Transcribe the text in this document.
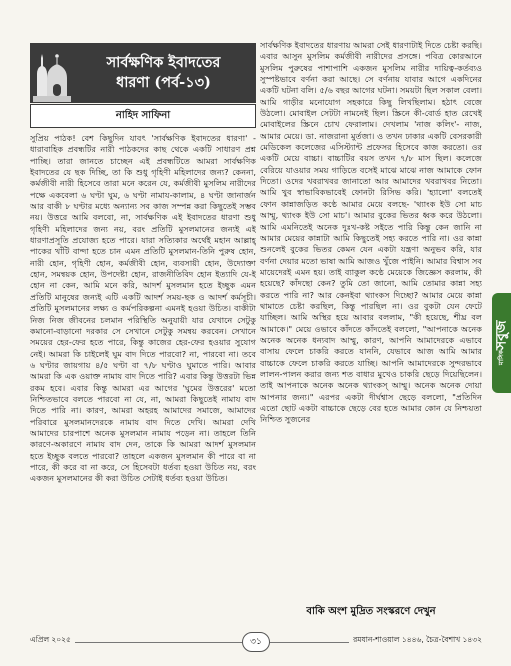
সার্বক্ষণিক ইবাদতের
ধারণা (পর্ব-১৩)
নাহিদ সাফিনা

সুপ্রিয় পাঠক! বেশ কিছুদিন যাবৎ 'সার্বক্ষণিক ইবাদতের ধারণা' - ধারাবাহিক প্রবন্ধটির নারী পাঠকদের কাছ থেকে একটি সাধারণ প্রশ্ন পাচ্ছি। তারা জানতে চাচ্ছেন এই প্রবন্ধটিতে আমরা সার্বক্ষণিক ইবাদতের যে ছক দিচ্ছি, তা কি শুধু গৃহিণী মহিলাদের জন্য? কেননা, কর্মজীবী নারী হিসেবে তারা মনে করেন যে, কর্মজীবী মুসলিম নারীদের পক্ষে একবেলা ৬ ঘণ্টা ঘুম, ৬ ঘণ্টা নামায-কালাম, ৪ ঘণ্টা জানার্জন আর বাকী ৮ ঘণ্টার মধ্যে অন্যান্য সব কাজ সম্পন্ন করা কিছুতেই সম্ভব নয়। উত্তরে আমি বলবো, না, সার্বক্ষণিক এই ইবাদতের ধারণা শুধু গৃহিণী মহিলাদের জন্য নয়, বরং প্রতিটি মুসলমানের জন্যই এই ধারণাপ্রসূতি প্রযোজ্য হতে পারে। যারা সত্যিকার অর্থেই মহান আল্লাহ্‌ পাকের খাঁটি বান্দা হতে চান এমন প্রতিটি মুসলমান-তিনি পুরুষ হোন, নারী হোন, গৃহিণী হোন, কর্মজীবী হোন, ব্যবসায়ী হোন, উদ্যোক্তা হোন, সমন্বয়ক হোন, উপদেষ্টা হোন, রাজনীতিবিদ হোন ইত্যাদি যে-ই হোন না কেন, আমি মনে করি, আদর্শ মুসলমান হতে ইচ্ছুক এমন প্রতিটি মানুষের জন্যই এটি একটি আদর্শ সময়-ছক ও আদর্শ কর্মসূচী। প্রতিটি মুসলমানের লক্ষ্য ও কর্মপরিকল্পনা এমনই হওয়া উচিত। বাকীটা নিজ নিজ জীবনের চলমান পরিস্থিতি অনুযায়ী যার যেখানে সেটুকু কমানো-বাড়ানো দরকার সে সেখানে সেটুকু সমন্বয় করবেন। সেখানে সময়ের হের-ফের হতে পারে, কিন্তু কাজের হের-ফের হওয়ার সুযোগ নেই। আমরা কি চাইলেই ঘুম বাদ দিতে পারবো? না, পারবো না। তবে ৬ ঘণ্টার জায়গায় ৪/৫ ঘণ্টা বা ৭/৮ ঘণ্টাও ঘুমাতে পারি। আবার আমরা কি এক ওয়াক্ত নামায বাদ দিতে পারি? এবার কিন্তু উত্তরটা ভিন্ন রকম হবে। এবার কিন্তু আমরা এর আগের 'ঘুমের উত্তরের' মতো নিশ্চিতভাবে বলতে পারবো না যে, না, আমরা কিছুতেই নামায বাদ দিতে পারি না। কারণ, আমরা অহরহ আমাদের সমাজে, আমাদের পরিবারে মুসলমানদেরকে নামায বাদ দিতে দেখি। আমরা দেখি আমাদের চারপাশে অনেক মুসলমান নামায পড়েন না। তাহলে তিনি কারণে-অকারণে নামায বাদ দেন, তাকে কি আমরা আদর্শ মুসলমান হতে ইচ্ছুক বলতে পারবো? তাহলে একজন মুসলমান কী পারে বা না পারে, কী করে বা না করে, সে হিসেবটা ধর্তব্য হওয়া উচিত নয়, বরং একজন মুসলমানের কী করা উচিত সেটাই ধর্তব্য হওয়া উচিত।

সার্বক্ষণিক ইবাদতের ধারণায় আমরা সেই ধারণাটাই দিতে চেষ্টা করছি। এবার আসুন মুসলিম কর্মজীবী নারীদের প্রসঙ্গে। পবিত্র কোরআনে মুসলিম পুরুষের পাশাপাশি একজন মুসলিম নারীর দায়িত্ব-কর্তব্যও সুস্পষ্টভাবে বর্ণনা করা আছে। সে বর্ণনায় যাবার আগে একদিনের একটি ঘটনা বলি। ৫/৬ বছর আগের ঘটনা। সময়টা ছিল সকাল বেলা। আমি গাড়ীর মনোযোগ সহকারে কিছু লিখছিলাম। হঠাৎ বেজে উঠলো। মোবাইল সেটটা নামনেই ছিল। স্ক্রিনে কী-বোর্ড হাত রেখেই মোবাইলের স্ক্রিনে চোখ ফেরালাম। দেখলাম 'নাজ কলিং'- নাজ, আমার মেয়ে। ডা. নাজরানা মুর্তজা। ও তখন ঢাকার একটি বেসরকারী মেডিকেল কলেজের এসিস্ট্যান্ট প্রফেসর হিসেবে কাজ করতো। ওর একটি মেয়ে বাচ্চা। বাচ্চাটির বয়স তখন ৭/৮ মাস ছিল। কলেজে বেরিয়ে যাওয়ার সময় গাড়িতে বসেই মাঝে মাঝে নাজ আমাকে ফোন দিতো। ওদের খবরাখবর জানাতো আর আমাদের খবরাখবর নিতো। আমি খুব স্বাভাবিকভাবেই ফোনটা রিসিভ করি। 'হ্যালো' বলতেই ফোন কান্নাজড়িত কণ্ঠে আমার মেয়ে বলছে- 'থ্যাংক ইউ সো মাচ আম্মু, থ্যাংক ইউ সো মাচ'। আমার বুকের ভিতর ধ্বক করে উঠলো। আমি এমনিতেই অনেক দুঃখ-কষ্ট সইতে পারি কিন্তু কেন জানি না আমার মেয়ের কান্নাটা আমি কিছুতেই সহ্য করতে পারি না। ওর কান্না শুনলেই বুকের ভিতর কেমন যেন একটা যন্ত্রণা অনুভব করি, যার বর্ণনা দেয়ার মতো ভাষা আমি আজও খুঁজে পাইনি। আমার বিশ্বাস সব মায়েদেরই এমন হয়। তাই ব্যাকুল কণ্ঠে মেয়েকে জিজ্ঞেস করলাম, কী হয়েছে? কাঁদছো কেন? তুমি তো জানো, আমি তোমার কান্না সহ্য করতে পারি না? আর কেনইবা থ্যাংকস দিচ্ছো? আমার মেয়ে কান্না থামাতে চেষ্টা করছিল, কিন্তু পারছিল না। ওর বুকটা যেন ফেটে যাচ্ছিল। আমি অস্থির হয়ে আবার বললাম, "কী হয়েছে, শীঘ্র বল আমাকে।" মেয়ে ওভাবে কাঁদতে কাঁদতেই বললো, "আপনাকে অনেক অনেক অনেক ধন্যবাদ আম্মু, কারণ, আপনি আমাদেরকে এভাবে বাসায় ফেলে চাকরি করতে যাননি, যেভাবে আজ আমি আমার বাচ্চাকে ফেলে চাকরি করতে যাচ্ছি। আপনি আমাদেরকে সুন্দরভাবে লালন-পালন করার জন্য শত বাধার মুখেও চাকরি ছেড়ে দিয়েছিলেন। তাই আপনাকে অনেক অনেক থ্যাংকস্‌ আম্মু। অনেক অনেক দোয়া আপনার জন্য।" এরপর একটা দীর্ঘশ্বাস ছেড়ে বললো, "প্রতিদিন এতো ছোট একটা বাচ্চাকে ছেড়ে বের হতে আমার কোন যে নিশ্চয়তা নিশ্চিত সুজনের

বাকি অংশ মুদ্রিত সংস্করণে দেখুন
মাসিক
সবুজ
এপ্রিল ২০২৫	৩১	রমযান-শাওয়াল ১৪৪৬, চৈত্র-বৈশাখ ১৪৩২
